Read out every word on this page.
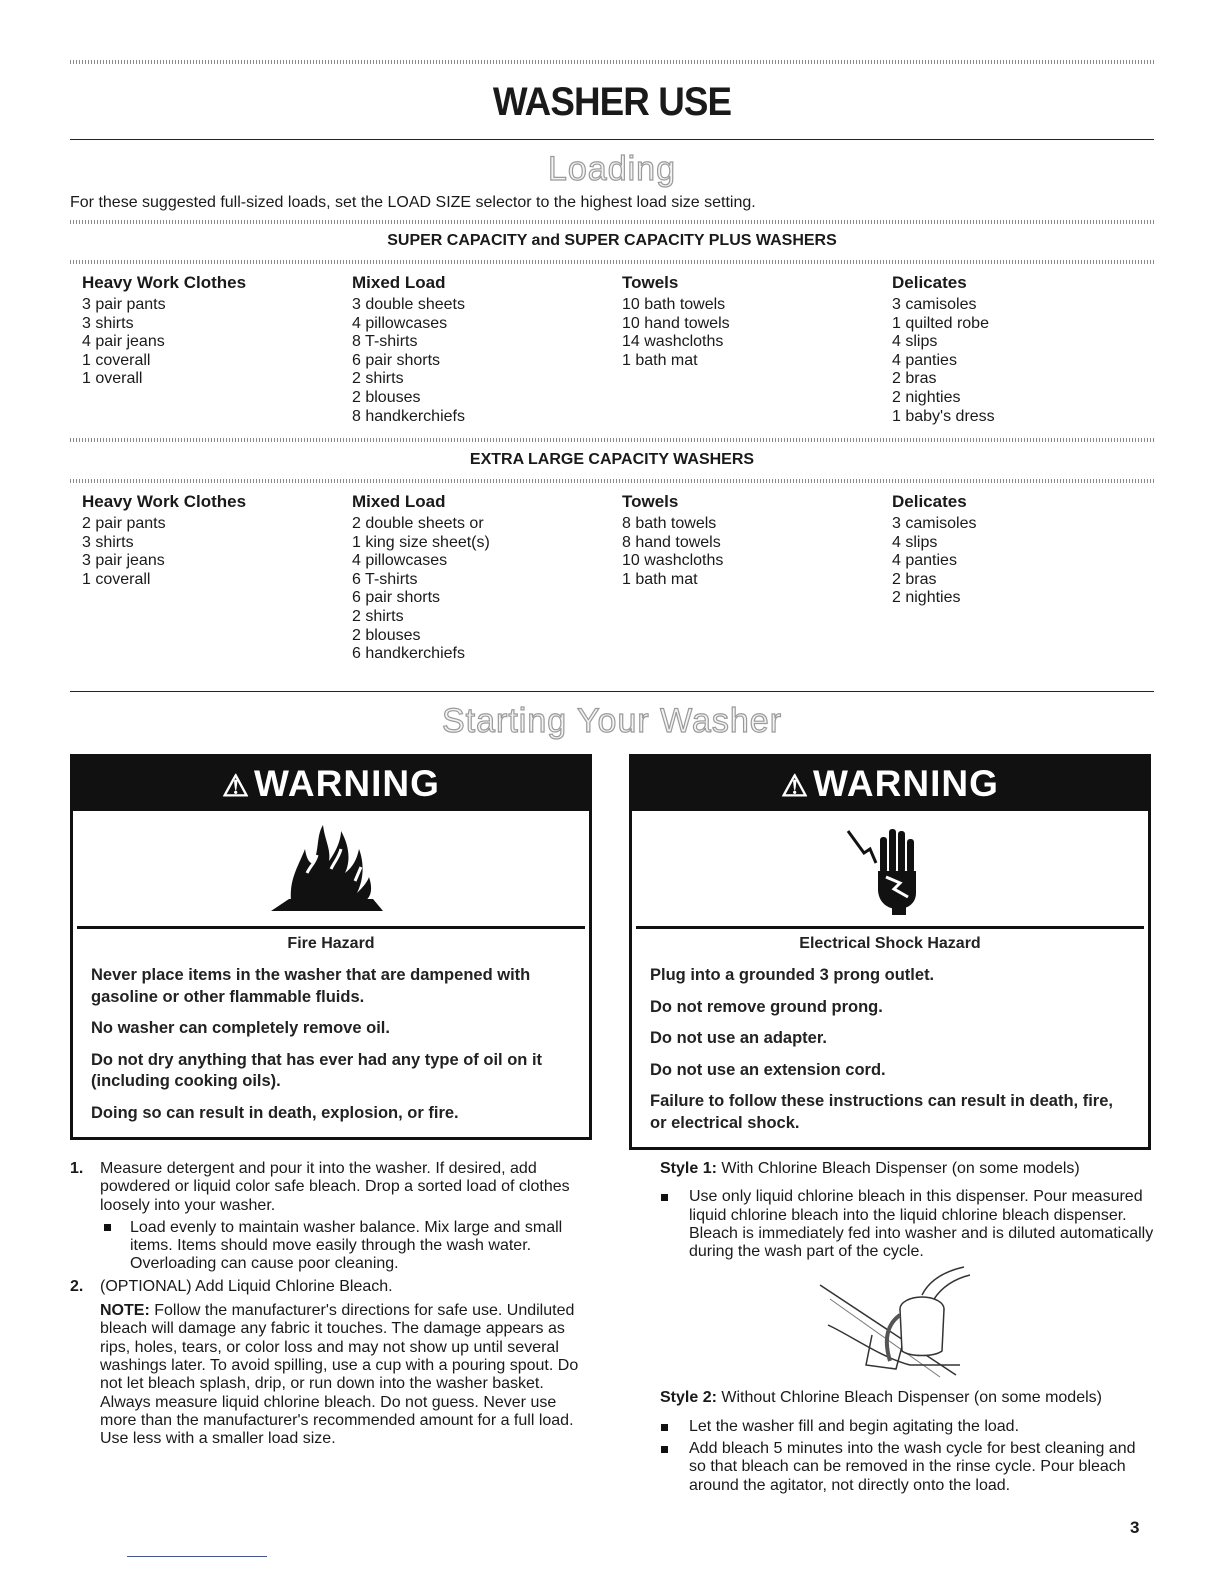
WASHER USE
Loading
For these suggested full-sized loads, set the LOAD SIZE selector to the highest load size setting.
SUPER CAPACITY and SUPER CAPACITY PLUS WASHERS
Heavy Work Clothes
3 pair pants
3 shirts
4 pair jeans
1 coverall
1 overall
Mixed Load
3 double sheets
4 pillowcases
8 T-shirts
6 pair shorts
2 shirts
2 blouses
8 handkerchiefs
Towels
10 bath towels
10 hand towels
14 washcloths
1 bath mat
Delicates
3 camisoles
1 quilted robe
4 slips
4 panties
2 bras
2 nighties
1 baby's dress
EXTRA LARGE CAPACITY WASHERS
Heavy Work Clothes
2 pair pants
3 shirts
3 pair jeans
1 coverall
Mixed Load
2 double sheets or
1 king size sheet(s)
4 pillowcases
6 T-shirts
6 pair shorts
2 shirts
2 blouses
6 handkerchiefs
Towels
8 bath towels
8 hand towels
10 washcloths
1 bath mat
Delicates
3 camisoles
4 slips
4 panties
2 bras
2 nighties
Starting Your Washer
⚠ WARNING
Fire Hazard

Never place items in the washer that are dampened with gasoline or other flammable fluids.

No washer can completely remove oil.

Do not dry anything that has ever had any type of oil on it (including cooking oils).

Doing so can result in death, explosion, or fire.

⚠ WARNING
Electrical Shock Hazard

Plug into a grounded 3 prong outlet.

Do not remove ground prong.

Do not use an adapter.

Do not use an extension cord.

Failure to follow these instructions can result in death, fire, or electrical shock.

1. Measure detergent and pour it into the washer. If desired, add powdered or liquid color safe bleach. Drop a sorted load of clothes loosely into your washer.
Load evenly to maintain washer balance. Mix large and small items. Items should move easily through the wash water. Overloading can cause poor cleaning.
2. (OPTIONAL) Add Liquid Chlorine Bleach.
NOTE: Follow the manufacturer's directions for safe use. Undiluted bleach will damage any fabric it touches. The damage appears as rips, holes, tears, or color loss and may not show up until several washings later. To avoid spilling, use a cup with a pouring spout. Do not let bleach splash, drip, or run down into the washer basket. Always measure liquid chlorine bleach. Do not guess. Never use more than the manufacturer's recommended amount for a full load. Use less with a smaller load size.
Style 1: With Chlorine Bleach Dispenser (on some models)
Use only liquid chlorine bleach in this dispenser. Pour measured liquid chlorine bleach into the liquid chlorine bleach dispenser. Bleach is immediately fed into washer and is diluted automatically during the wash part of the cycle.
Style 2: Without Chlorine Bleach Dispenser (on some models)
Let the washer fill and begin agitating the load.
Add bleach 5 minutes into the wash cycle for best cleaning and so that bleach can be removed in the rinse cycle. Pour bleach around the agitator, not directly onto the load.
3
